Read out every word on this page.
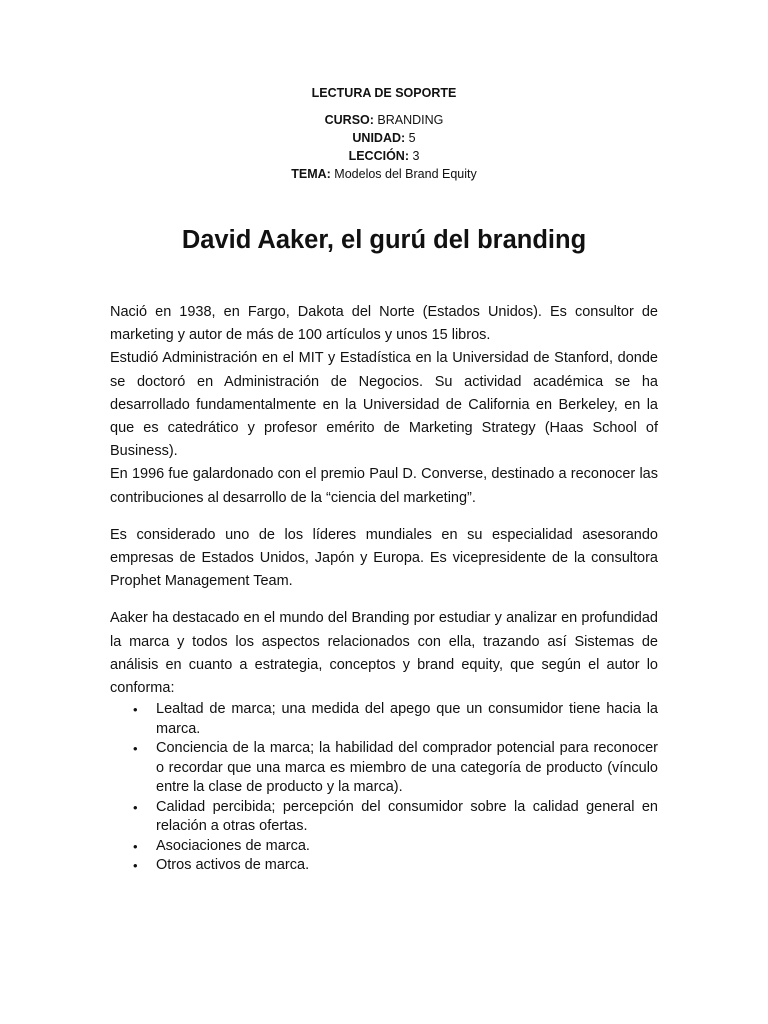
LECTURA DE SOPORTE
CURSO: BRANDING
UNIDAD: 5
LECCIÓN: 3
TEMA: Modelos del Brand Equity
David Aaker, el gurú del branding

Nació en 1938, en Fargo, Dakota del Norte (Estados Unidos). Es consultor de marketing y autor de más de 100 artículos y unos 15 libros.

Estudió Administración en el MIT y Estadística en la Universidad de Stanford, donde se doctoró en Administración de Negocios. Su actividad académica se ha desarrollado fundamentalmente en la Universidad de California en Berkeley, en la que es catedrático y profesor emérito de Marketing Strategy (Haas School of Business).

En 1996 fue galardonado con el premio Paul D. Converse, destinado a reconocer las contribuciones al desarrollo de la “ciencia del marketing”.

Es considerado uno de los líderes mundiales en su especialidad asesorando empresas de Estados Unidos, Japón y Europa. Es vicepresidente de la consultora Prophet Management Team.

Aaker ha destacado en el mundo del Branding por estudiar y analizar en profundidad la marca y todos los aspectos relacionados con ella, trazando así Sistemas de análisis en cuanto a estrategia, conceptos y brand equity, que según el autor lo conforma:

• Lealtad de marca; una medida del apego que un consumidor tiene hacia la marca.
• Conciencia de la marca; la habilidad del comprador potencial para reconocer o recordar que una marca es miembro de una categoría de producto (vínculo entre la clase de producto y la marca).
• Calidad percibida; percepción del consumidor sobre la calidad general en relación a otras ofertas.
• Asociaciones de marca.
• Otros activos de marca.
